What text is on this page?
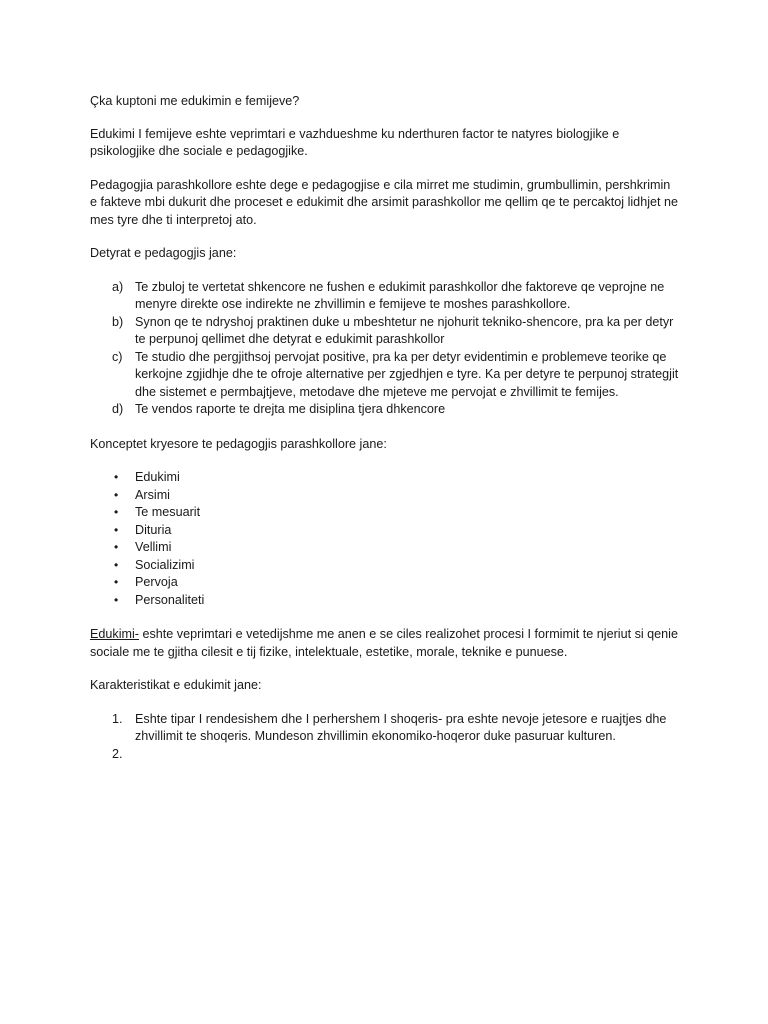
Çka kuptoni me edukimin e femijeve?

Edukimi I femijeve eshte veprimtari e vazhdueshme ku nderthuren factor te natyres biologjike e psikologjike dhe sociale e pedagogjike.

Pedagogjia parashkollore eshte dege e pedagogjise e cila mirret me studimin, grumbullimin, pershkrimin e fakteve mbi dukurit dhe proceset e edukimit dhe arsimit parashkollor me qellim qe te percaktoj lidhjet ne mes tyre dhe ti interpretoj ato.

Detyrat e pedagogjis jane:

a) Te zbuloj te vertetat shkencore ne fushen e edukimit parashkollor dhe faktoreve qe veprojne ne menyre direkte ose indirekte ne zhvillimin e femijeve te moshes parashkollore.
b) Synon qe te ndryshoj praktinen duke u mbeshtetur ne njohurit tekniko-shencore, pra ka per detyr te perpunoj qellimet dhe detyrat e edukimit parashkollor
c) Te studio dhe pergjithsoj pervojat positive, pra ka per detyr evidentimin e problemeve teorike qe kerkojne zgjidhje dhe te ofroje alternative per zgjedhjen e tyre. Ka per detyre te perpunoj strategjit dhe sistemet e permbajtjeve, metodave dhe mjeteve me pervojat e zhvillimit te femijes.
d) Te vendos raporte te drejta me disiplina tjera dhkencore

Konceptet kryesore te pedagogjis parashkollore jane:

• Edukimi
• Arsimi
• Te mesuarit
• Dituria
• Vellimi
• Socializimi
• Pervoja
• Personaliteti

Edukimi- eshte veprimtari e vetedijshme me anen e se ciles realizohet procesi I formimit te njeriut si qenie sociale me te gjitha cilesit e tij fizike, intelektuale, estetike, morale, teknike e punuese.

Karakteristikat e edukimit jane:

1. Eshte tipar I rendesishem dhe I perhershem I shoqeris- pra eshte nevoje jetesore e ruajtjes dhe zhvillimit te shoqeris. Mundeson zhvillimin ekonomiko-hoqeror duke pasuruar kulturen.
2.
